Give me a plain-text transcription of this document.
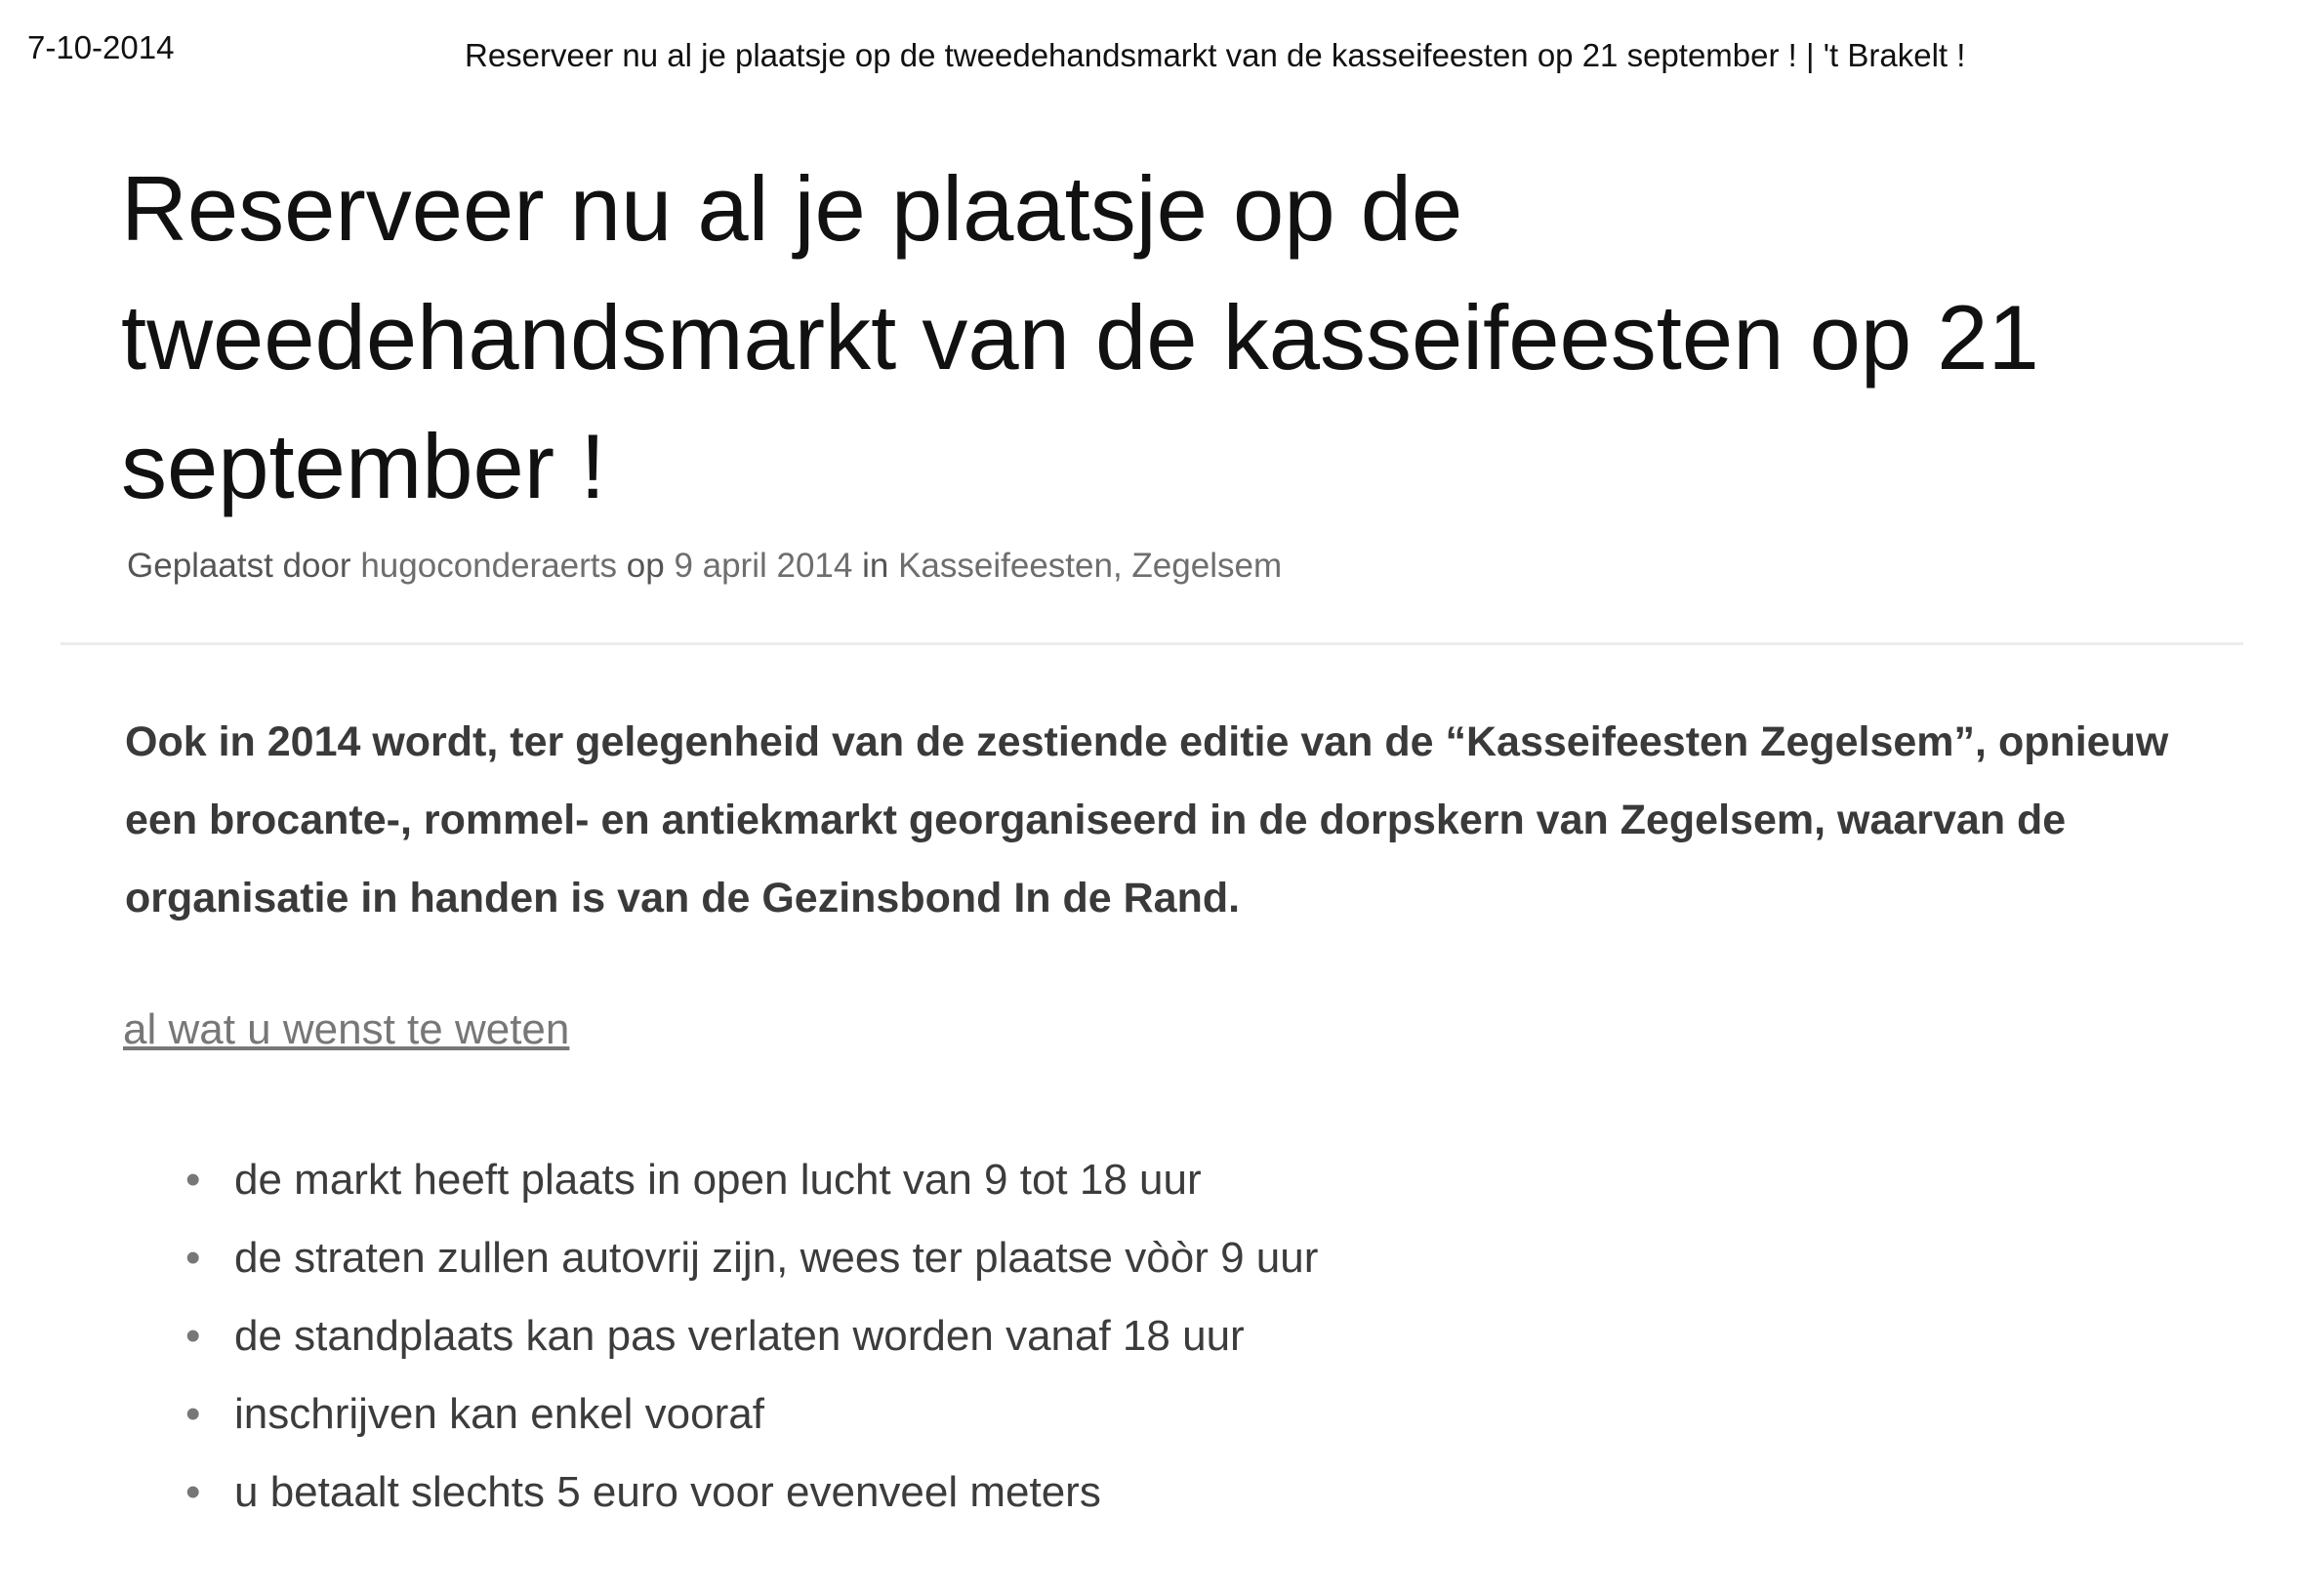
7-10-2014	Reserveer nu al je plaatsje op de tweedehandsmarkt van de kasseifeesten op 21 september ! | 't Brakelt !
Reserveer nu al je plaatsje op de tweedehandsmarkt van de kasseifeesten op 21 september !
Geplaatst door hugoconderaerts op 9 april 2014 in Kasseifeesten, Zegelsem

Ook in 2014 wordt, ter gelegenheid van de zestiende editie van de “Kasseifeesten Zegelsem”, opnieuw een brocante-, rommel- en antiekmarkt georganiseerd in de dorpskern van Zegelsem, waarvan de organisatie in handen is van de Gezinsbond In de Rand.

al wat u wenst te weten
• de markt heeft plaats in open lucht van 9 tot 18 uur
• de straten zullen autovrij zijn, wees ter plaatse vòòr 9 uur
• de standplaats kan pas verlaten worden vanaf 18 uur
• inschrijven kan enkel vooraf
• u betaalt slechts 5 euro voor evenveel meters
